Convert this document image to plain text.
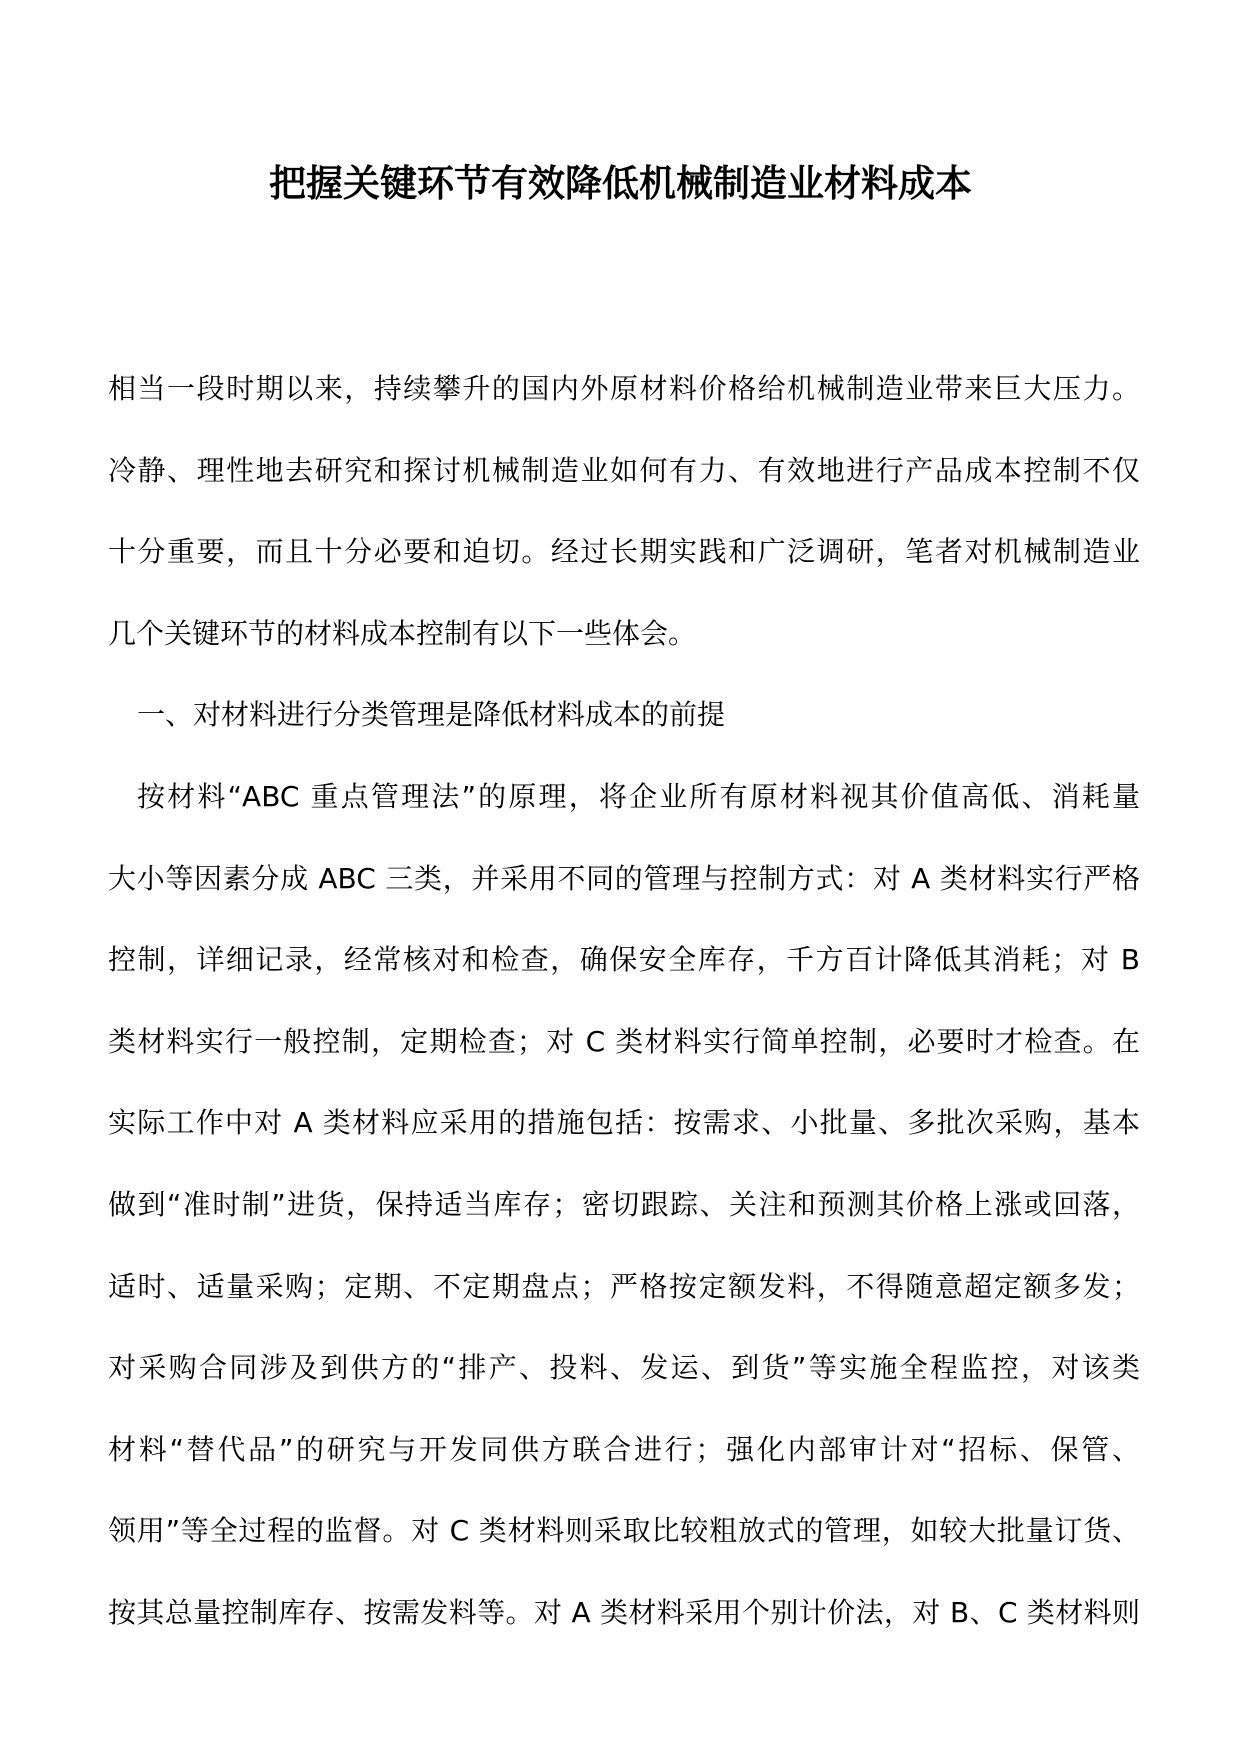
把握关键环节有效降低机械制造业材料成本
相当一段时期以来，持续攀升的国内外原材料价格给机械制造业带来巨大压力。
冷静、理性地去研究和探讨机械制造业如何有力、有效地进行产品成本控制不仅
十分重要，而且十分必要和迫切。经过长期实践和广泛调研，笔者对机械制造业
几个关键环节的材料成本控制有以下一些体会。
一、对材料进行分类管理是降低材料成本的前提
按材料“ABC 重点管理法”的原理，将企业所有原材料视其价值高低、消耗量
大小等因素分成 ABC 三类，并采用不同的管理与控制方式：对 A 类材料实行严格
控制，详细记录，经常核对和检查，确保安全库存，千方百计降低其消耗；对 B
类材料实行一般控制，定期检查；对 C 类材料实行简单控制，必要时才检查。在
实际工作中对 A 类材料应采用的措施包括：按需求、小批量、多批次采购，基本
做到“准时制”进货，保持适当库存；密切跟踪、关注和预测其价格上涨或回落，
适时、适量采购；定期、不定期盘点；严格按定额发料，不得随意超定额多发；
对采购合同涉及到供方的“排产、投料、发运、到货”等实施全程监控，对该类
材料“替代品”的研究与开发同供方联合进行；强化内部审计对“招标、保管、
领用”等全过程的监督。对 C 类材料则采取比较粗放式的管理，如较大批量订货、
按其总量控制库存、按需发料等。对 A 类材料采用个别计价法，对 B、C 类材料则
